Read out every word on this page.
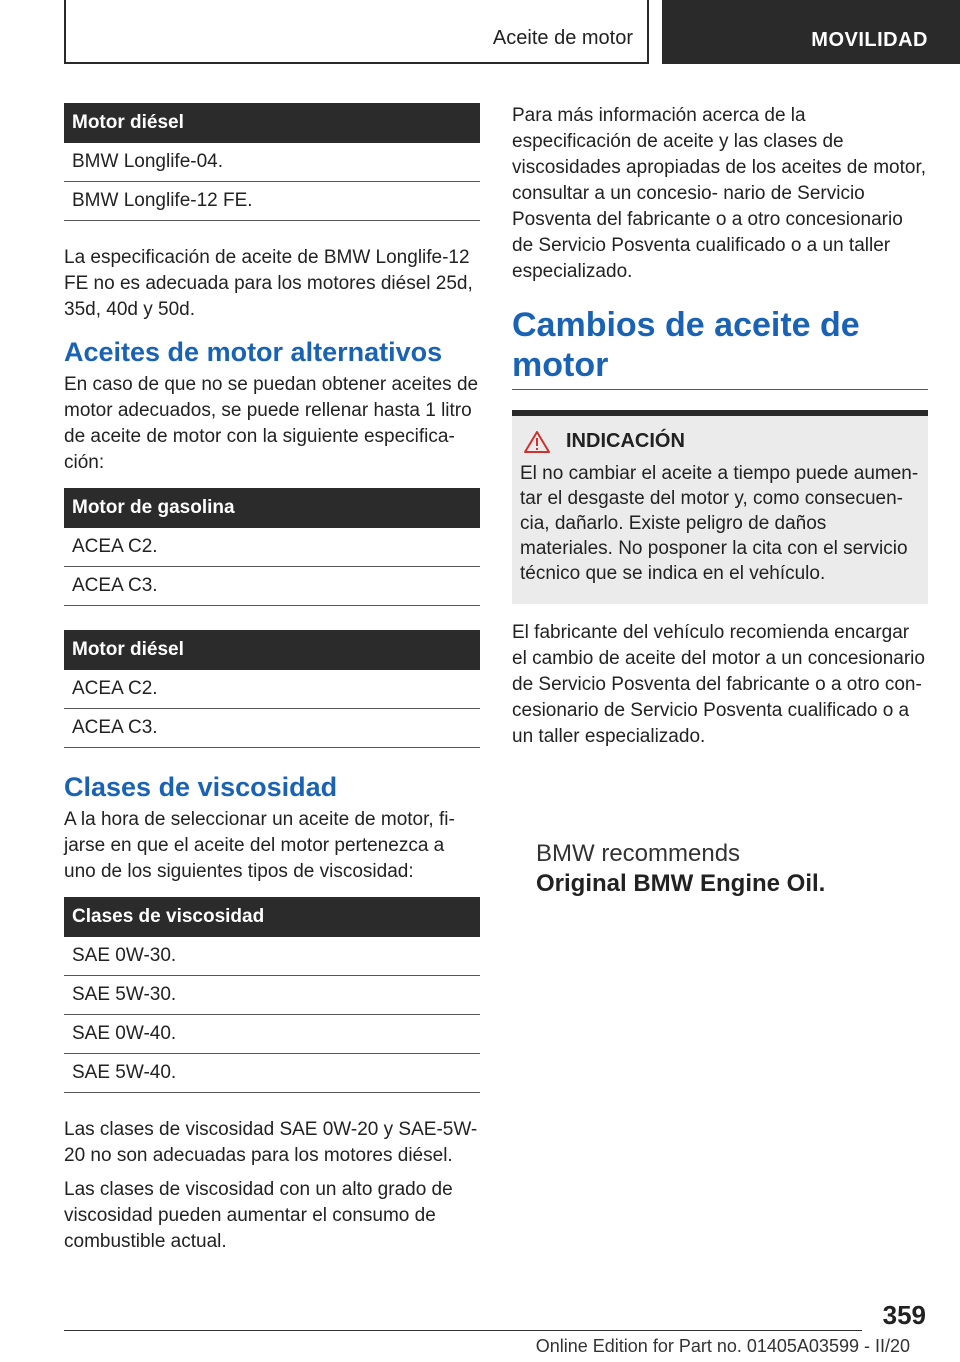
Aceite de motor	MOVILIDAD
Motor diésel
BMW Longlife-04.
BMW Longlife-12 FE.

La especificación de aceite de BMW Longlife-12 FE no es adecuada para los motores diésel 25d, 35d, 40d y 50d.

Aceites de motor alternativos

En caso de que no se puedan obtener aceites de motor adecuados, se puede rellenar hasta 1 litro de aceite de motor con la siguiente especifica‐ ción:

Motor de gasolina
ACEA C2.
ACEA C3.
Motor diésel
ACEA C2.
ACEA C3.
Clases de viscosidad

A la hora de seleccionar un aceite de motor, fi‐ jarse en que el aceite del motor pertenezca a uno de los siguientes tipos de viscosidad:

Clases de viscosidad
SAE 0W-30.
SAE 5W-30.
SAE 0W-40.
SAE 5W-40.

Las clases de viscosidad SAE 0W-20 y SAE-5W-20 no son adecuadas para los motores diésel.

Las clases de viscosidad con un alto grado de viscosidad pueden aumentar el consumo de combustible actual.

Para más información acerca de la especificación de aceite y las clases de viscosidades apropiadas de los aceites de motor, consultar a un concesio‐ nario de Servicio Posventa del fabricante o a otro concesionario de Servicio Posventa cualificado o a un taller especializado.

Cambios de aceite de motor
INDICACIÓN

El no cambiar el aceite a tiempo puede aumen‐ tar el desgaste del motor y, como consecuen‐ cia, dañarlo. Existe peligro de daños materiales. No posponer la cita con el servicio técnico que se indica en el vehículo.

El fabricante del vehículo recomienda encargar el cambio de aceite del motor a un concesionario de Servicio Posventa del fabricante o a otro con‐ cesionario de Servicio Posventa cualificado o a un taller especializado.

BMW recommends
Original BMW Engine Oil.
359
Online Edition for Part no. 01405A03599 - II/20
